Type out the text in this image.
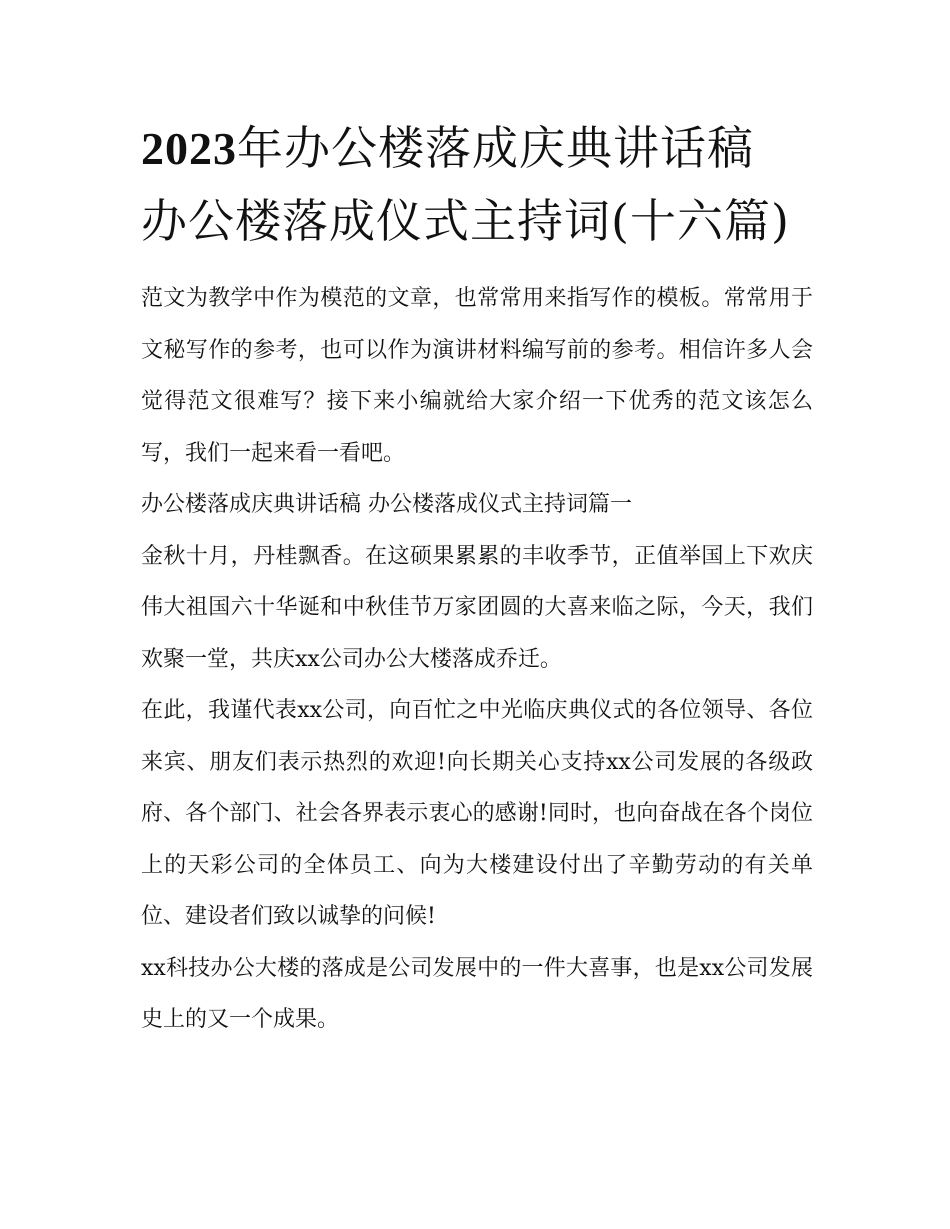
2023年办公楼落成庆典讲话稿 办公楼落成仪式主持词(十六篇)

范文为教学中作为模范的文章，也常常用来指写作的模板。常常用于文秘写作的参考，也可以作为演讲材料编写前的参考。相信许多人会觉得范文很难写？接下来小编就给大家介绍一下优秀的范文该怎么写，我们一起来看一看吧。

办公楼落成庆典讲话稿 办公楼落成仪式主持词篇一

金秋十月，丹桂飘香。在这硕果累累的丰收季节，正值举国上下欢庆伟大祖国六十华诞和中秋佳节万家团圆的大喜来临之际，今天，我们欢聚一堂，共庆xx公司办公大楼落成乔迁。

在此，我谨代表xx公司，向百忙之中光临庆典仪式的各位领导、各位来宾、朋友们表示热烈的欢迎!向长期关心支持xx公司发展的各级政府、各个部门、社会各界表示衷心的感谢!同时，也向奋战在各个岗位上的天彩公司的全体员工、向为大楼建设付出了辛勤劳动的有关单位、建设者们致以诚挚的问候!

xx科技办公大楼的落成是公司发展中的一件大喜事，也是xx公司发展史上的又一个成果。
